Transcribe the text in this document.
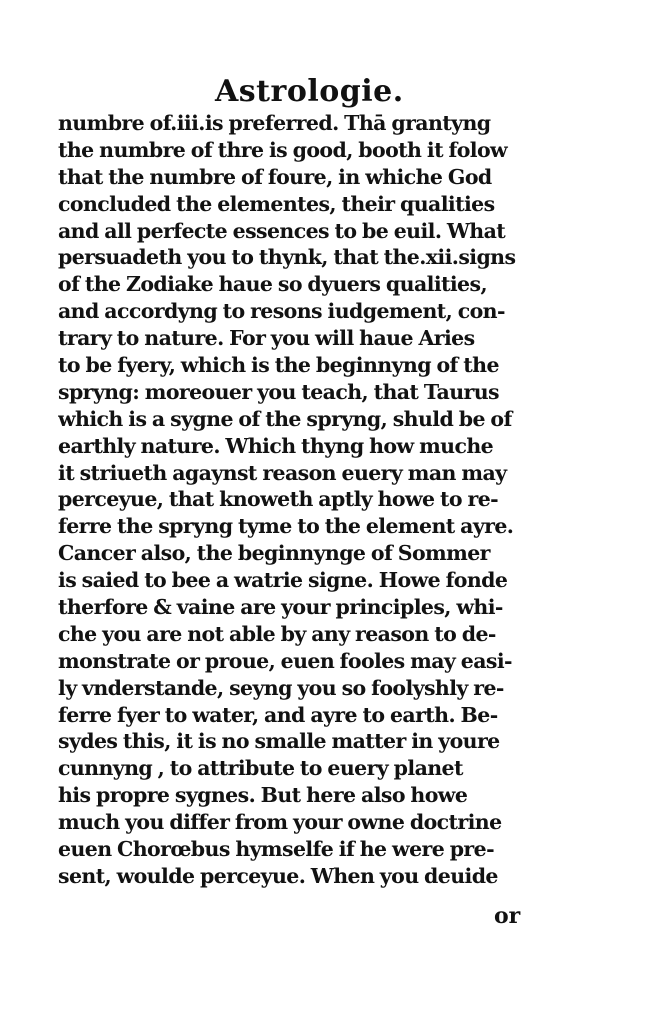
Astrologie.
numbre of.iii.is preferred. Thā grantyng
the numbre of thre is good, booth it folow
that the numbre of foure, in whiche God
concluded the elementes, their qualities
and all perfecte essences to be euil. What
persuadeth you to thynk, that the.xii.signs
of the Zodiake haue so dyuers qualities,
and accordyng to resons iudgement, con-
trary to nature. For you will haue Aries
to be fyery, which is the beginnyng of the
spryng: moreouer you teach, that Taurus
which is a sygne of the spryng, shuld be of
earthly nature. Which thyng how muche
it striueth agaynst reason euery man may
perceyue, that knoweth aptly howe to re-
ferre the spryng tyme to the element ayre.
Cancer also, the beginnynge of Sommer
is saied to bee a watrie signe. Howe fonde
therfore & vaine are your principles, whi-
che you are not able by any reason to de-
monstrate or proue, euen fooles may easi-
ly vnderstande, seyng you so foolyshly re-
ferre fyer to water, and ayre to earth. Be-
sydes this, it is no smalle matter in youre
cunnyng , to attribute to euery planet
his propre sygnes. But here also howe
much you differ from your owne doctrine
euen Chorœbus hymselfe if he were pre-
sent, woulde perceyue. When you deuide
or
